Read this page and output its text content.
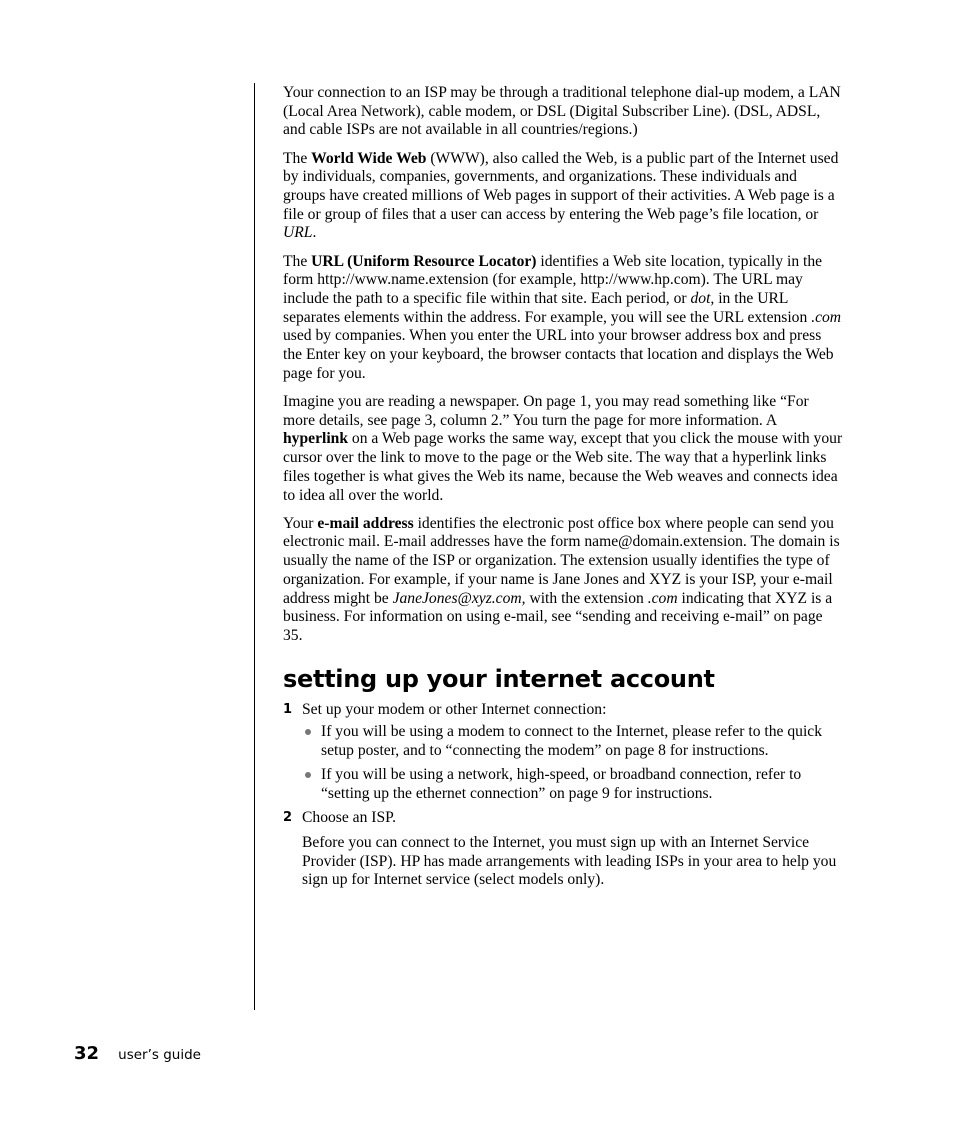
Your connection to an ISP may be through a traditional telephone dial-up modem, a LAN (Local Area Network), cable modem, or DSL (Digital Subscriber Line). (DSL, ADSL, and cable ISPs are not available in all countries/regions.)

The World Wide Web (WWW), also called the Web, is a public part of the Internet used by individuals, companies, governments, and organizations. These individuals and groups have created millions of Web pages in support of their activities. A Web page is a file or group of files that a user can access by entering the Web page’s file location, or URL.

The URL (Uniform Resource Locator) identifies a Web site location, typically in the form http://www.name.extension (for example, http://www.hp.com). The URL may include the path to a specific file within that site. Each period, or dot, in the URL separates elements within the address. For example, you will see the URL extension .com used by companies. When you enter the URL into your browser address box and press the Enter key on your keyboard, the browser contacts that location and displays the Web page for you.

Imagine you are reading a newspaper. On page 1, you may read something like “For more details, see page 3, column 2.” You turn the page for more information. A hyperlink on a Web page works the same way, except that you click the mouse with your cursor over the link to move to the page or the Web site. The way that a hyperlink links files together is what gives the Web its name, because the Web weaves and connects idea to idea all over the world.

Your e-mail address identifies the electronic post office box where people can send you electronic mail. E-mail addresses have the form name@domain.extension. The domain is usually the name of the ISP or organization. The extension usually identifies the type of organization. For example, if your name is Jane Jones and XYZ is your ISP, your e-mail address might be JaneJones@xyz.com, with the extension .com indicating that XYZ is a business. For information on using e-mail, see “sending and receiving e-mail” on page 35.

setting up your internet account
1 Set up your modem or other Internet connection:
If you will be using a modem to connect to the Internet, please refer to the quick setup poster, and to “connecting the modem” on page 8 for instructions.
If you will be using a network, high-speed, or broadband connection, refer to “setting up the ethernet connection” on page 9 for instructions.
2 Choose an ISP.
Before you can connect to the Internet, you must sign up with an Internet Service Provider (ISP). HP has made arrangements with leading ISPs in your area to help you sign up for Internet service (select models only).
32 user’s guide
